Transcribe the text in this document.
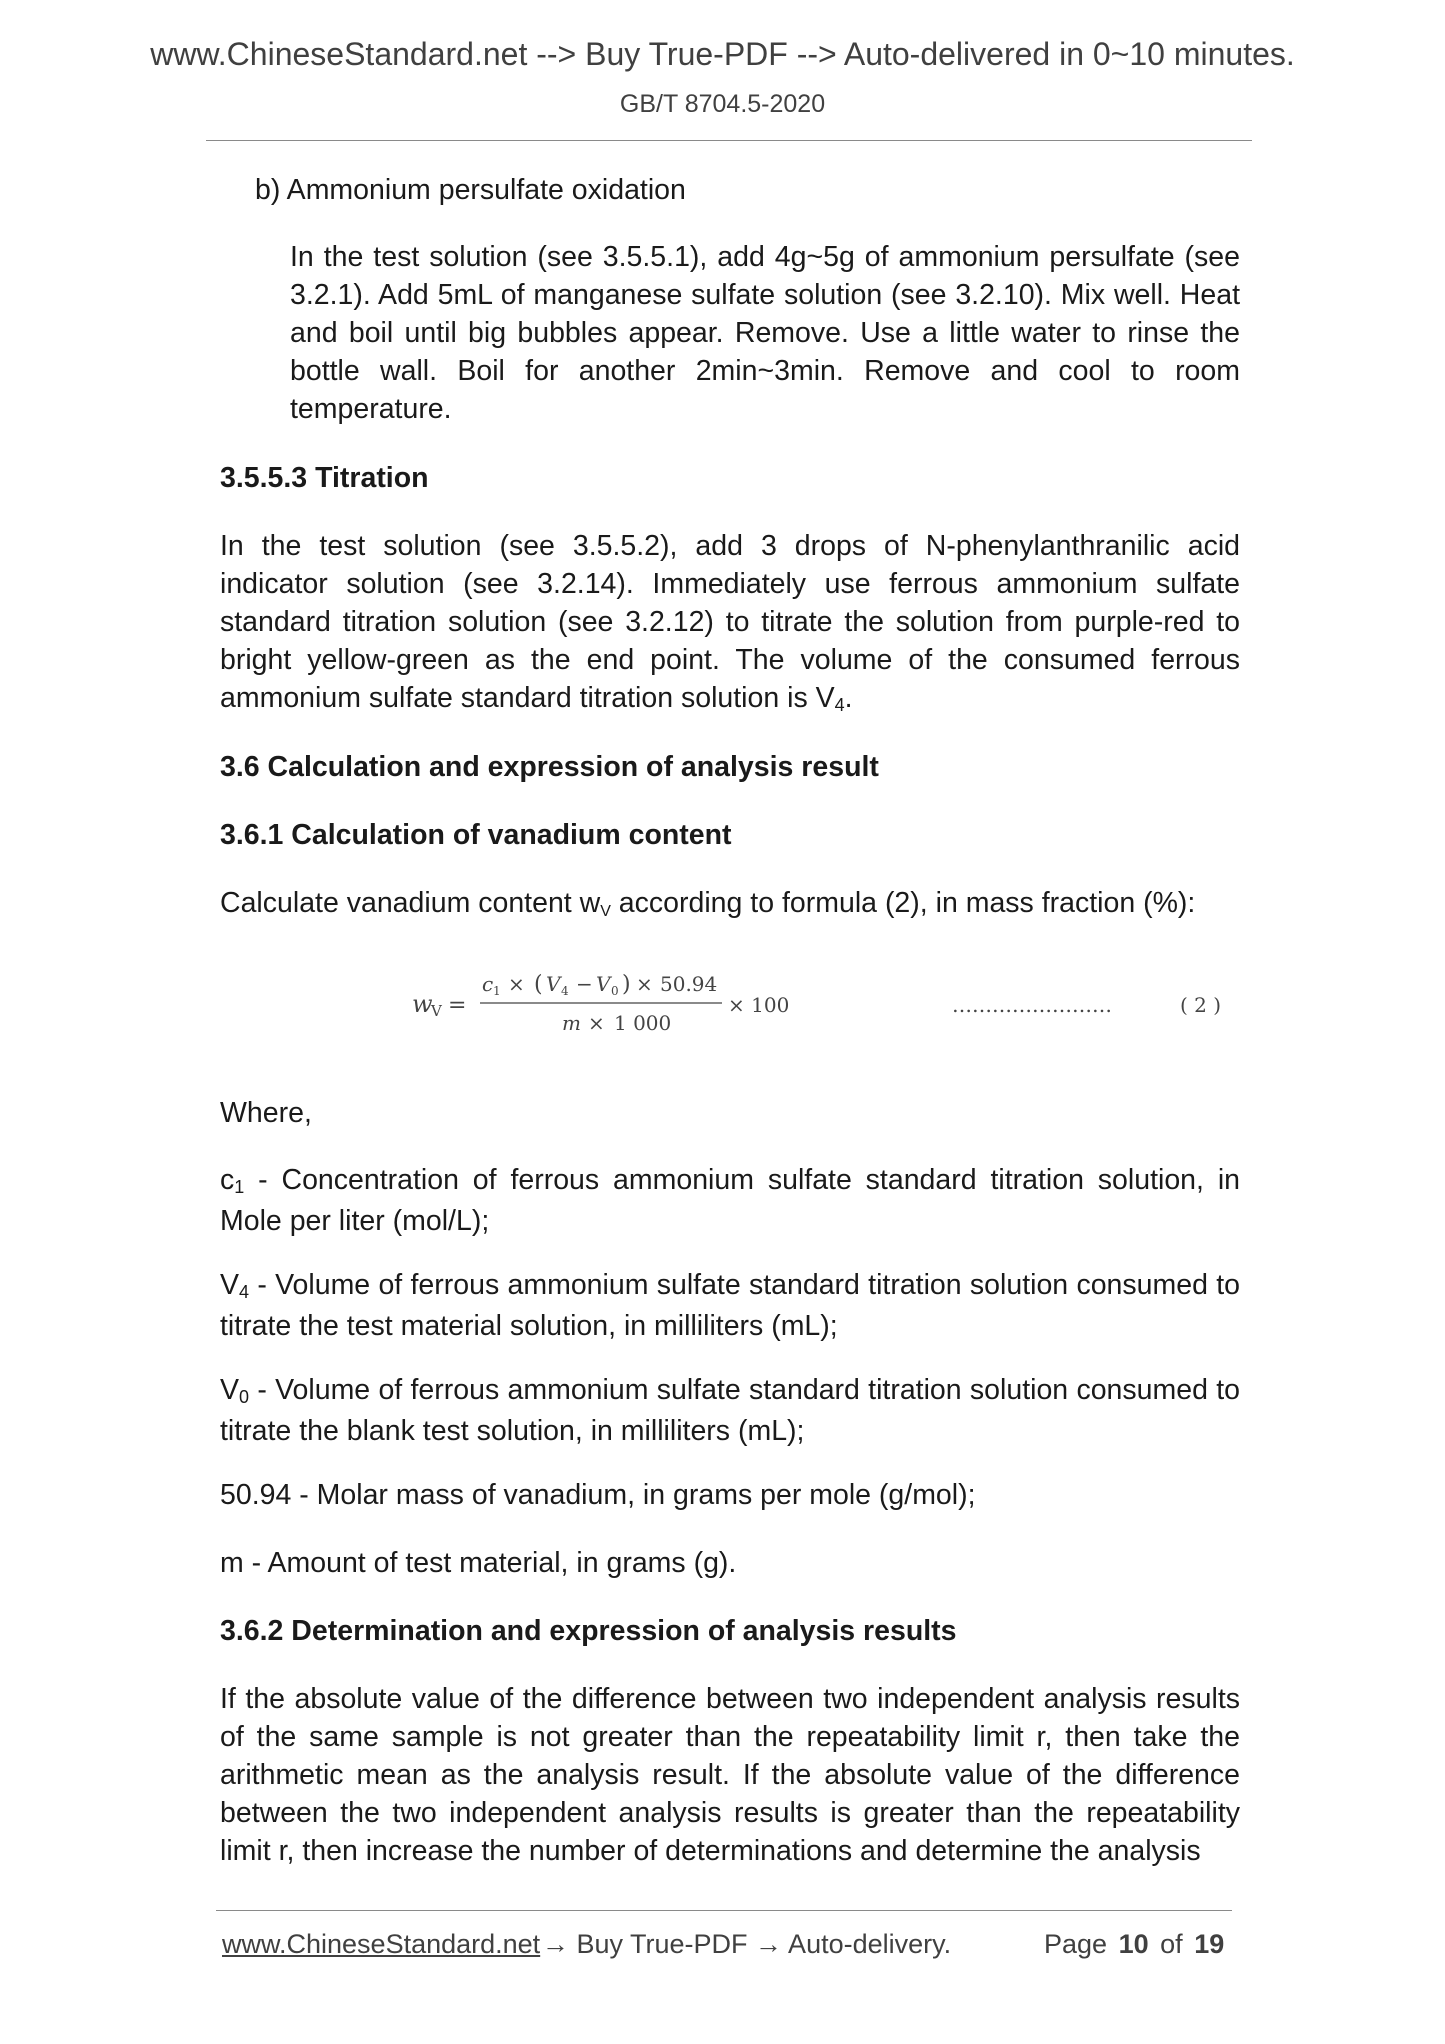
www.ChineseStandard.net --> Buy True-PDF --> Auto-delivered in 0~10 minutes.
GB/T 8704.5-2020

b) Ammonium persulfate oxidation

In the test solution (see 3.5.5.1), add 4g~5g of ammonium persulfate (see 3.2.1). Add 5mL of manganese sulfate solution (see 3.2.10). Mix well. Heat and boil until big bubbles appear. Remove. Use a little water to rinse the bottle wall. Boil for another 2min~3min. Remove and cool to room temperature.

3.5.5.3 Titration

In the test solution (see 3.5.5.2), add 3 drops of N-phenylanthranilic acid indicator solution (see 3.2.14). Immediately use ferrous ammonium sulfate standard titration solution (see 3.2.12) to titrate the solution from purple-red to bright yellow-green as the end point. The volume of the consumed ferrous ammonium sulfate standard titration solution is V4.

3.6 Calculation and expression of analysis result

3.6.1 Calculation of vanadium content

Calculate vanadium content wV according to formula (2), in mass fraction (%):

w
V =
c 1 × ( V 4 − V 0 ) × 50.94
m × 1 000
× 100	……………………	( 2 )

Where,

c1 - Concentration of ferrous ammonium sulfate standard titration solution, in Mole per liter (mol/L);

V4 - Volume of ferrous ammonium sulfate standard titration solution consumed to titrate the test material solution, in milliliters (mL);

V0 - Volume of ferrous ammonium sulfate standard titration solution consumed to titrate the blank test solution, in milliliters (mL);

50.94 - Molar mass of vanadium, in grams per mole (g/mol);

m - Amount of test material, in grams (g).

3.6.2 Determination and expression of analysis results

If the absolute value of the difference between two independent analysis results of the same sample is not greater than the repeatability limit r, then take the arithmetic mean as the analysis result. If the absolute value of the difference between the two independent analysis results is greater than the repeatability limit r, then increase the number of determinations and determine the analysis

www.ChineseStandard.net → Buy True-PDF → Auto-delivery.	Page 10 of 19
